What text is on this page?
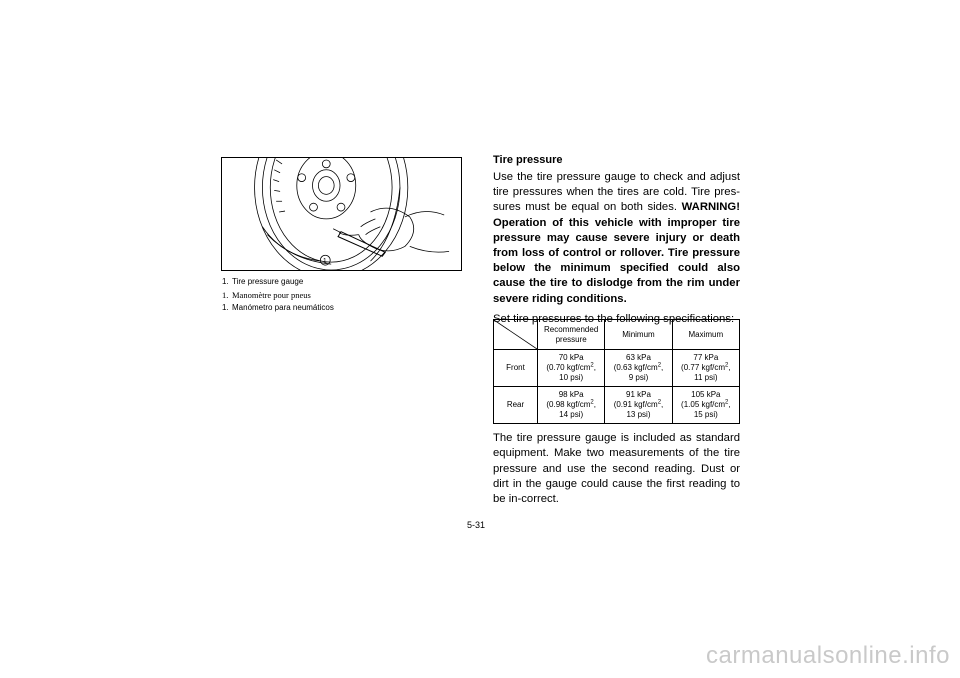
1
1. Tire pressure gauge
1. Manomètre pour pneus
1. Manómetro para neumáticos
Tire pressure

Use the tire pressure gauge to check and adjust tire pressures when the tires are cold. Tire pres-sures must be equal on both sides. WARNING! Operation of this vehicle with improper tire pressure may cause severe injury or death from loss of control or rollover. Tire pressure below the minimum specified could also cause the tire to dislodge from the rim under severe riding conditions.

Set tire pressures to the following specifications:

	Recommended pressure	Minimum	Maximum
Front	70 kPa
(0.70 kgf/$cm^2$,
10 psi)	63 kPa
(0.63 kgf/$cm^2$,
9 psi)	77 kPa
(0.77 kgf/$cm^2$,
11 psi)
Rear	98 kPa
(0.98 kgf/$cm^2$,
14 psi)	91 kPa
(0.91 kgf/$cm^2$,
13 psi)	105 kPa
(1.05 kgf/$cm^2$,
15 psi)

The tire pressure gauge is included as standard equipment. Make two measurements of the tire pressure and use the second reading. Dust or dirt in the gauge could cause the first reading to be in-correct.

5-31
carmanualsonline.info
